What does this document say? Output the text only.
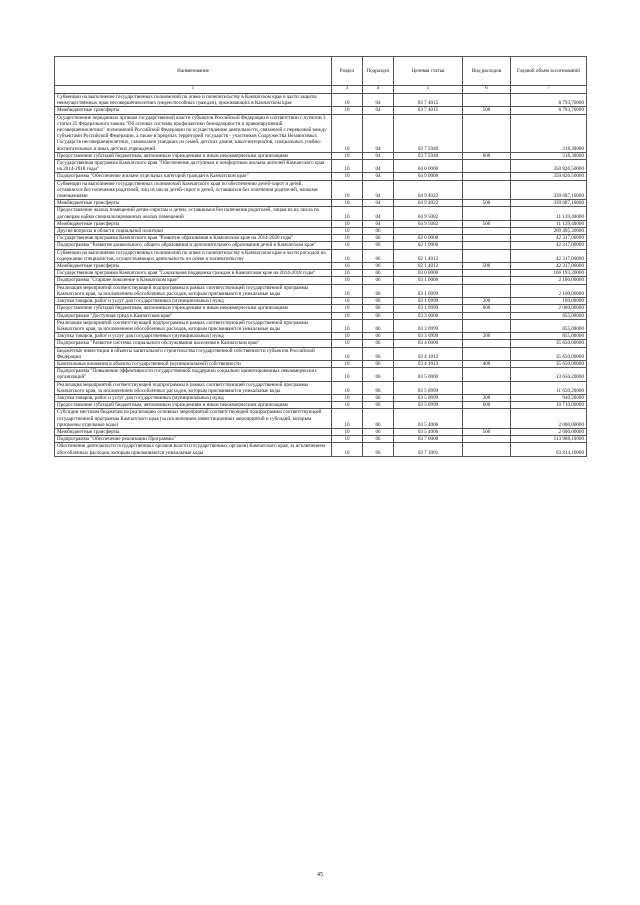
Наименование	Раздел	Подраздел	Целевая статья	Вид расходов	Годовой объем ассигнований
1	3	4	5	6	7
Субвенции на выполнение государственных полномочий по опеке и попечительству в Камчатском крае в части защиты неимущественных прав несовершеннолетних (недееспособных граждан), проживающих в Камчатском крае	10	04	03 7 4015		8 793,70000
Межбюджетные трансферты	10	04	03 7 4015	500	8 793,70000
Осуществление переданных органам государственной власти субъектов Российской Федерации в соответствии с пунктом 3 статьи 25 Федерального закона "Об основах системы профилактики безнадзорности и правонарушений несовершеннолетних" полномочий Российской Федерации по осуществлению деятельности, связанной с перевозкой между субъектами Российской Федерации, а также в пределах территорий государств - участников Содружества Независимых Государств несовершеннолетних, самовольно ушедших из семей, детских домов, школ-интернатов, специальных учебно-воспитательных и иных детских учреждений	10	04	03 7 5940		318,30000
Предоставление субсидий бюджетным, автономным учреждениям и иным некоммерческим организациям	10	04	03 7 5940	600	318,30000
Государственная программа Камчатского края "Обеспечение доступным и комфортным жильем жителей Камчатского края на 2014-2018 годы"	10	04	04 0 0000		350 826,50000
Подпрограмма "Обеспечение жильем отдельных категорий граждан в Камчатском крае"	10	04	04 9 0000		350 826,50000
Субвенции на выполнение государственных полномочий Камчатского края по обеспечению детей-сирот и детей, оставшихся без попечения родителей, лиц из числа детей-сирот и детей, оставшихся без попечения родителей, жилыми помещениями	10	04	04 9 4022		339 687,10000
Межбюджетные трансферты	10	04	04 9 4022	500	339 687,10000
Предоставление жилых помещений детям-сиротам и детям, оставшимся без попечения родителей, лицам из их числа по договорам найма специализированных жилых помещений	10	04	04 9 5082		11 139,40000
Межбюджетные трансферты	10	04	04 9 5082	500	11 139,40000
Другие вопросы в области социальной политики	10	06			269 495,30000
Государственная программа Камчатского края "Развитие образования в Камчатском крае на 2014-2020 годы"	10	06	02 0 0000		42 317,00000
Подпрограмма "Развитие дошкольного, общего образования и дополнительного образования детей в Камчатском крае"	10	06	02 1 0000		42 317,00000
Субвенции на выполнение государственных полномочий по опеке и попечительству в Камчатском крае в части расходов на содержание специалистов, осуществляющих деятельность по опеке и попечительству	10	06	02 1 4012		42 317,00000
Межбюджетные трансферты	10	06	02 1 4012	500	42 317,00000
Государственная программа Камчатского края "Социальная поддержка граждан в Камчатском крае на 2014-2018 годы"	10	06	03 0 0000		166 193,30000
Подпрограмма "Старшее поколение в Камчатском крае"	10	06	03 1 0000		2 100,00000
Реализация мероприятий соответствующей подпрограммы в рамках соответствующей государственной программы Камчатского края, за исключением обособленных расходов, которым присваиваются уникальные коды	10	06	03 1 0999		2 100,00000
Закупка товаров, работ и услуг для государственных (муниципальных) нужд	10	06	03 1 0999	200	100,00000
Предоставление субсидий бюджетным, автономным учреждениям и иным некоммерческим организациям	10	06	03 1 0999	600	2 000,00000
Подпрограмма "Доступная среда в Камчатском крае"	10	06	03 3 0000		855,00000
Реализация мероприятий соответствующей подпрограммы в рамках соответствующей государственной программы Камчатского края, за исключением обособленных расходов, которым присваиваются уникальные коды	10	06	03 3 0999		855,00000
Закупка товаров, работ и услуг для государственных (муниципальных) нужд	10	06	03 3 0999	200	855,00000
Подпрограмма "Развитие системы социального обслуживания населения в Камчатском крае"	10	06	03 4 0000		35 650,00000
Бюджетные инвестиции в объекты капитального строительства государственной собственности субъектов Российской Федерации	10	06	03 4 1013		35 650,00000
Капитальные вложения в объекты государственной (муниципальной) собственности	10	06	03 4 1013	400	35 650,00000
Подпрограмма "Повышение эффективности государственной поддержки социально ориентированных некоммерческих организаций"	10	06	03 5 0000		13 650,20000
Реализация мероприятий соответствующей подпрограммы в рамках соответствующей государственной программы Камчатского края, за исключением обособленных расходов, которым присваиваются уникальные коды	10	06	03 5 0999		11 650,20000
Закупка товаров, работ и услуг для государственных (муниципальных) нужд	10	06	03 5 0999	200	940,20000
Предоставление субсидий бюджетным, автономным учреждениям и иным некоммерческим организациям	10	06	03 5 0999	600	10 710,00000
Субсидии местным бюджетам на реализацию основных мероприятий соответствующей подпрограммы соответствующей государственной программы Камчатского края (за исключением инвестиционных мероприятий и субсидий, которым присвоены отдельные коды)	10	06	03 5 4006		2 000,00000
Межбюджетные трансферты	10	06	03 5 4006	500	2 000,00000
Подпрограмма "Обеспечение реализации Программы"	10	06	03 7 0000		113 988,10000
Обеспечение деятельности государственных органов власти (государственных органов) Камчатского края, за исключением обособленных расходов, которым присваиваются уникальные коды	10	06	03 7 1001		83 814,10000
45
